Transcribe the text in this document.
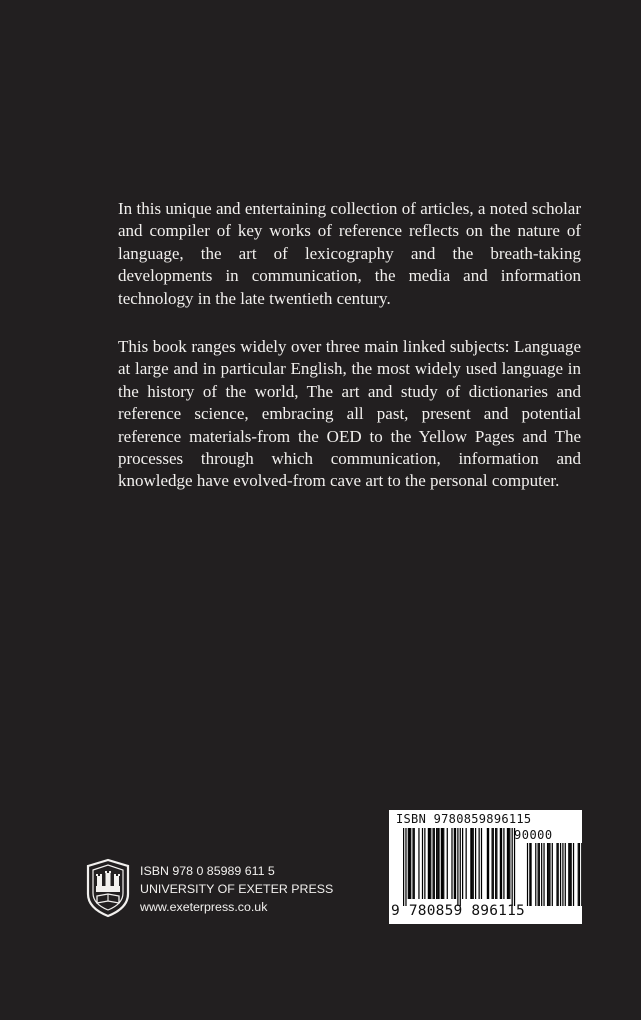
In this unique and entertaining collection of articles, a noted scholar and compiler of key works of reference reflects on the nature of language, the art of lexicography and the breath-taking developments in communication, the media and information technology in the late twentieth century.

This book ranges widely over three main linked subjects: Language at large and in particular English, the most widely used language in the history of the world, The art and study of dictionaries and reference science, embracing all past, present and potential reference materials-from the OED to the Yellow Pages and The processes through which communication, information and knowledge have evolved-from cave art to the personal computer.

ISBN 978 0 85989 611 5
UNIVERSITY OF EXETER PRESS
www.exeterpress.co.uk
ISBN 9780859896115
90000
9 780859 896115
